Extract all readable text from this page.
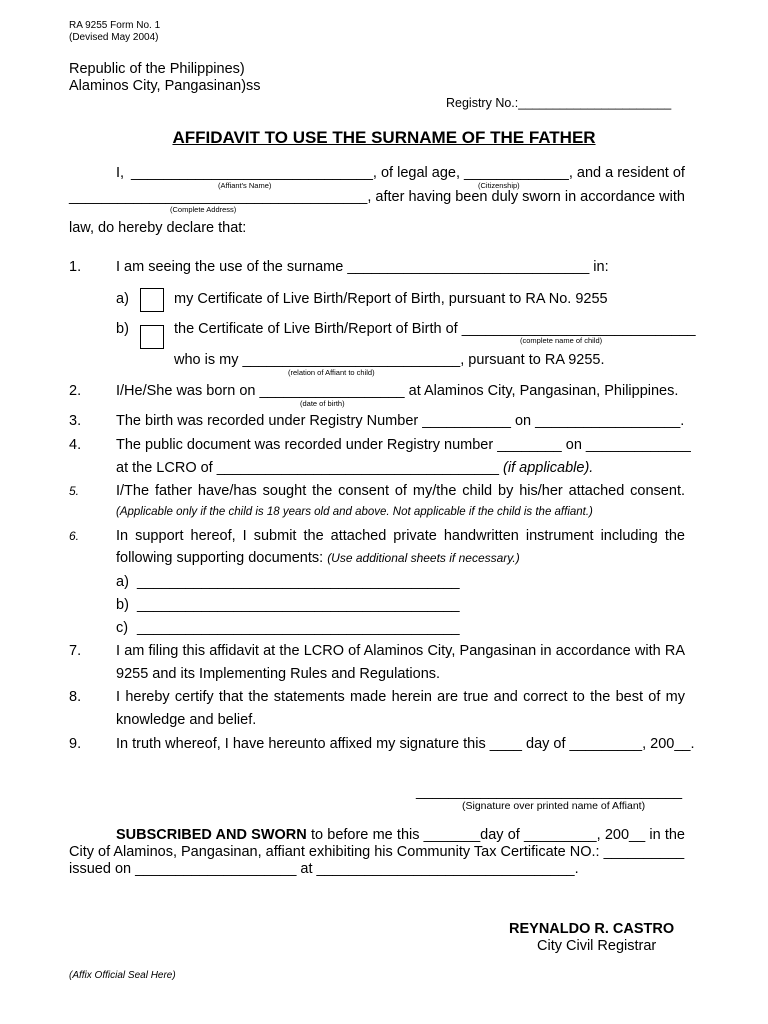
RA 9255 Form No. 1
(Devised May 2004)
Republic of the Philippines)
Alaminos City, Pangasinan)ss
Registry No.:______________________
AFFIDAVIT TO USE THE SURNAME OF THE FATHER
I, ______________________________, of legal age, _____________, and a resident of
(Affiant's Name)	(Citizenship)
_____________________________________, after having been duly sworn in accordance with
(Complete Address)
law, do hereby declare that:
1. I am seeing the use of the surname ______________________________ in:
a)	my Certificate of Live Birth/Report of Birth, pursuant to RA No. 9255
b)	the Certificate of Live Birth/Report of Birth of _____________________________
(complete name of child)
who is my ___________________________, pursuant to RA 9255.
(relation of Affiant to child)
2. I/He/She was born on __________________ at Alaminos City, Pangasinan, Philippines.
(date of birth)
3. The birth was recorded under Registry Number ___________ on __________________.
4. The public document was recorded under Registry number ________ on _____________
at the LCRO of ___________________________________ (if applicable).
5.	I/The father have/has sought the consent of my/the child by his/her attached consent.
(Applicable only if the child is 18 years old and above. Not applicable if the child is the affiant.)
6.	In support hereof, I submit the attached private handwritten instrument including the
following supporting documents: (Use additional sheets if necessary.)
a) ________________________________________
b) ________________________________________
c) ________________________________________
7. I am filing this affidavit at the LCRO of Alaminos City, Pangasinan in accordance with RA
9255 and its Implementing Rules and Regulations.
8. I hereby certify that the statements made herein are true and correct to the best of my
knowledge and belief.
9. In truth whereof, I have hereunto affixed my signature this ____ day of _________, 200__.
_________________________________
(Signature over printed name of Affiant)
SUBSCRIBED AND SWORN to before me this _______day of _________, 200__ in the
City of Alaminos, Pangasinan, affiant exhibiting his Community Tax Certificate NO.: __________
issued on ____________________ at ________________________________.
REYNALDO R. CASTRO
City Civil Registrar
(Affix Official Seal Here)
